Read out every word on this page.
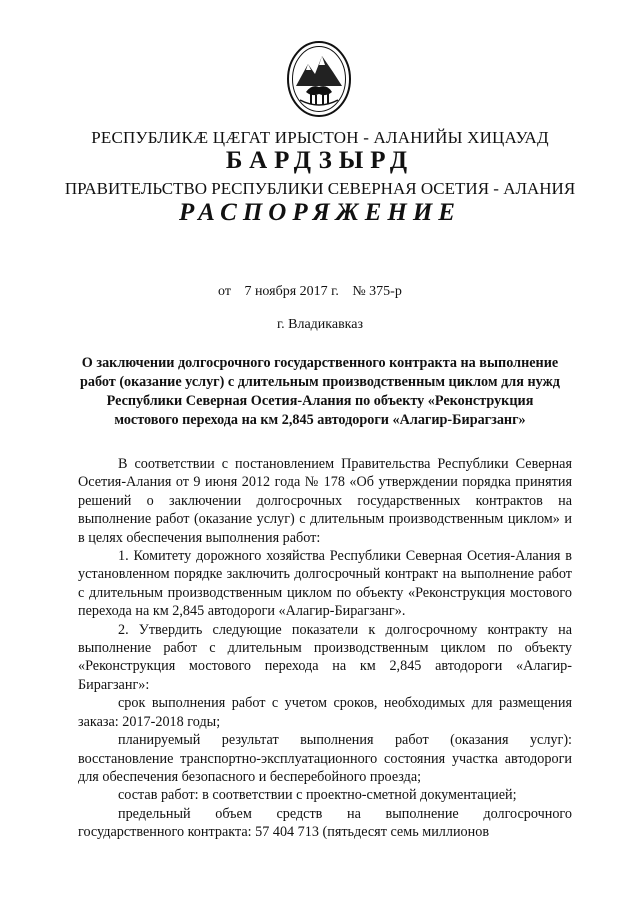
РЕСПУБЛИКӔ ЦӔГАТ ИРЫСТОН - АЛАНИЙЫ ХИЦАУАД
БАРДЗЫРД
ПРАВИТЕЛЬСТВО РЕСПУБЛИКИ СЕВЕРНАЯ ОСЕТИЯ - АЛАНИЯ
РАСПОРЯЖЕНИЕ
от 7 ноября 2017 г. № 375-р
г. Владикавказ
О заключении долгосрочного государственного контракта на выполнение работ (оказание услуг) с длительным производственным циклом для нужд Республики Северная Осетия-Алания по объекту «Реконструкция мостового перехода на км 2,845 автодороги «Алагир-Бирагзанг»

В соответствии с постановлением Правительства Республики Северная Осетия-Алания от 9 июня 2012 года № 178 «Об утверждении порядка принятия решений о заключении долгосрочных государственных контрактов на выполнение работ (оказание услуг) с длительным производственным циклом» и в целях обеспечения выполнения работ:

1. Комитету дорожного хозяйства Республики Северная Осетия-Алания в установленном порядке заключить долгосрочный контракт на выполнение работ с длительным производственным циклом по объекту «Реконструкция мостового перехода на км 2,845 автодороги «Алагир-Бирагзанг».

2. Утвердить следующие показатели к долгосрочному контракту на выполнение работ с длительным производственным циклом по объекту «Реконструкция мостового перехода на км 2,845 автодороги «Алагир-Бирагзанг»:

срок выполнения работ с учетом сроков, необходимых для размещения заказа: 2017-2018 годы;

планируемый результат выполнения работ (оказания услуг): восстановление транспортно-эксплуатационного состояния участка автодороги для обеспечения безопасного и бесперебойного проезда;

состав работ: в соответствии с проектно-сметной документацией;

предельный объем средств на выполнение долгосрочного государственного контракта: 57 404 713 (пятьдесят семь миллионов
